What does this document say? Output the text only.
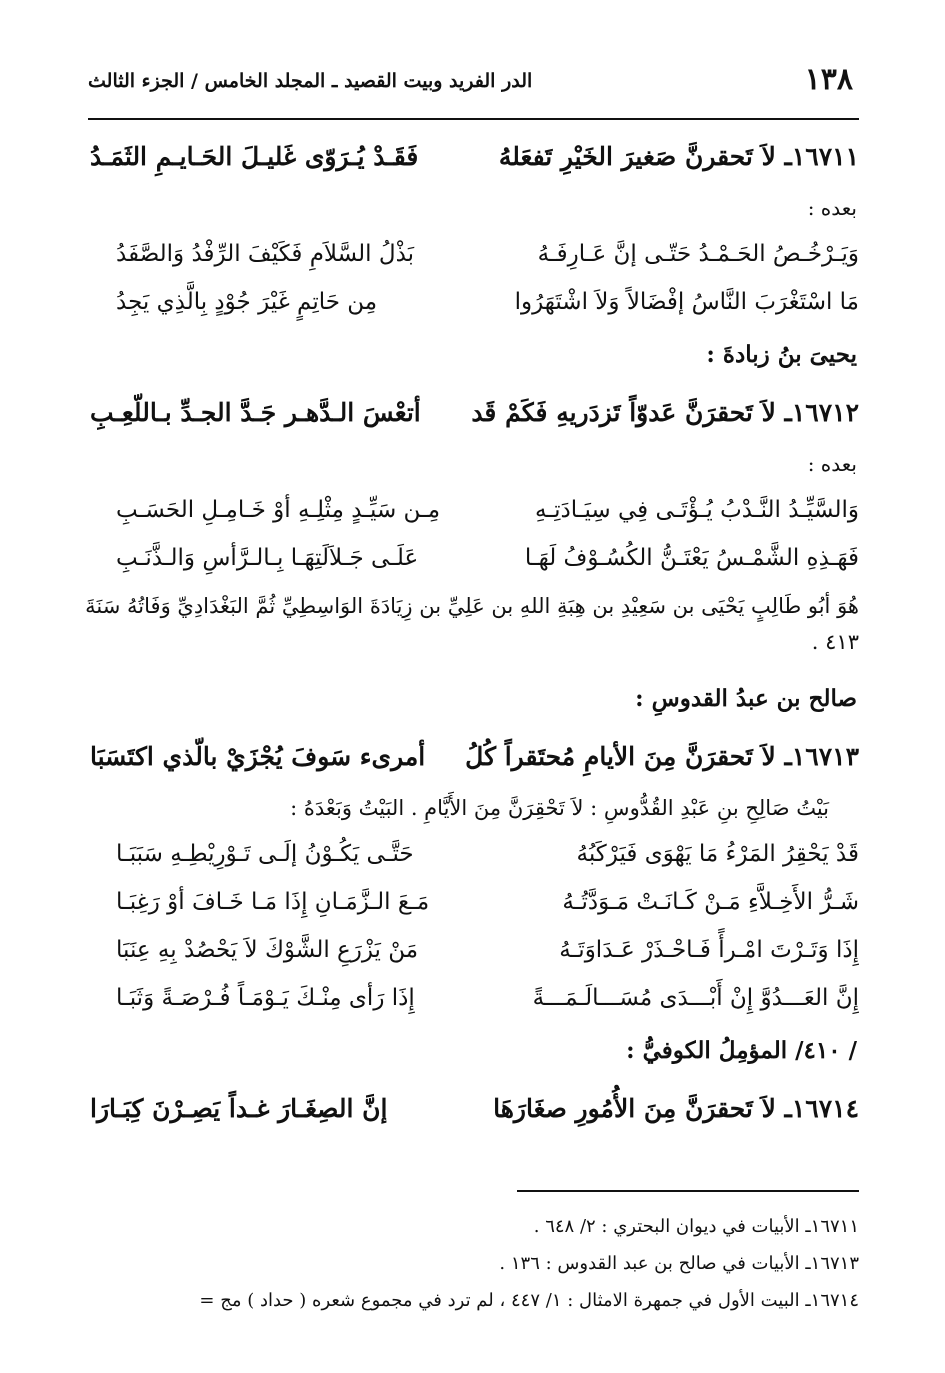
١٣٨
الدر الفريد وبيت القصيد ـ المجلد الخامس / الجزء الثالث
١٦٧١١ـ لاَ تَحقرنَّ صَغيرَ الخَيْرِ تَفعَلهُ
فَقَـدْ يُـرَوّى غَليـلَ الحَـايـمِ الثَمَـدُ
بعده :
وَيَـرْخُـصُ الحَـمْـدُ حَتّـى إنَّ عَـارِفَـهُ
بَذْلُ السَّلاَمِ فَكَيْفَ الرِّفْدُ وَالصَّفَدُ
مَا اسْتَغْرَبَ النَّاسُ إفْضَالاً وَلاَ اشْتَهَرُوا
مِن حَاتِمٍ غَيْرَ جُوْدٍ بِالَّذِي يَجِدُ
يحيىَ بنُ زبادةَ :
١٦٧١٢ـ لاَ تَحقرَنَّ عَدوّاً تَزدَريهِ فَكَمْ قَد
أتعْسَ الـدَّهـر جَـدَّ الجـدِّ بـاللّعِـبِ
بعده :
وَالسَّيِّـدُ النَّـدْبُ يُـؤْتَـى فِي سِيَـادَتِـهِ
مِـن سَيِّـدٍ مِثْلِـهِ أوْ خَـامِـلِ الحَسَـبِ
فَهَـذِهِ الشَّمْـسُ يَعْتَـنُّ الكُسُـوْفُ لَهَـا
عَلَـى جَـلاَلَتِهَـا بِـالـرَّأسِ وَالـذَّنَـبِ
هُوَ أبُو طَالِبٍ يَحْيَى بن سَعِيْدِ بن هِبَةِ اللهِ بن عَلِيِّ بن زِيَادَةَ الوَاسِطِيِّ ثُمَّ البَغْدَادِيِّ وَفَاتُهُ سَنَةَ ٤١٣ .
صالح بن عبدُ القدوسِ :
١٦٧١٣ـ لاَ تَحقرَنَّ مِنَ الأيامِ مُحتَقراً كُلُ
أمرىء سَوفَ يُجْزَيْ بالّذي اكتَسَبَا
بَيْتُ صَالِحِ بنِ عَبْدِ القُدُّوسِ : لاَ تَحْقِرَنَّ مِنَ الأَيَّامِ . البَيْتُ وَبَعْدَهُ :
قَدْ يَحْقِرُ المَرْءُ مَا يَهْوَى فَيَرْكَبُهُ
حَتَّـى يَكُـوْنُ إلَـى تَـوْرِيْطِـهِ سَبَبَـا
شَـرُّ الأَخِـلاَّءِ مَـنْ كَـانَـتْ مَـوَدَّتُـهُ
مَـعَ الـزَّمَـانِ إِذَا مَـا خَـافَ أوْ رَغِبَـا
إِذَا وَتَـرْتَ امْـرأً فَـاحْـذَرْ عَـدَاوَتَـهُ
مَنْ يَزْرَعِ الشَّوْكَ لاَ يَحْصُدْ بِهِ عِنَبَا
إِنَّ العَـــدُوَّ إِنْ أَبْـــدَى مُسَـــالَـمَـــةً
إِذَا رَأى مِنْـكَ يَـوْمَـاً فُـرْصَـةً وَثَبَـا
/ ٤١٠/ المؤمِلُ الكوفيُّ :
١٦٧١٤ـ لاَ تَحقرَنَّ مِنَ الأُمُورِ صغَارَهَا
إنَّ الصِغَـارَ غـداً يَصِـرْنَ كِبَـارَا
١٦٧١١ـ الأبيات في ديوان البحتري : ٢/ ٦٤٨ .
١٦٧١٣ـ الأبيات في صالح بن عبد القدوس : ١٣٦ .
١٦٧١٤ـ البيت الأول في جمهرة الامثال : ١/ ٤٤٧ ، لم ترد في مجموع شعره ( حداد ) مج =
